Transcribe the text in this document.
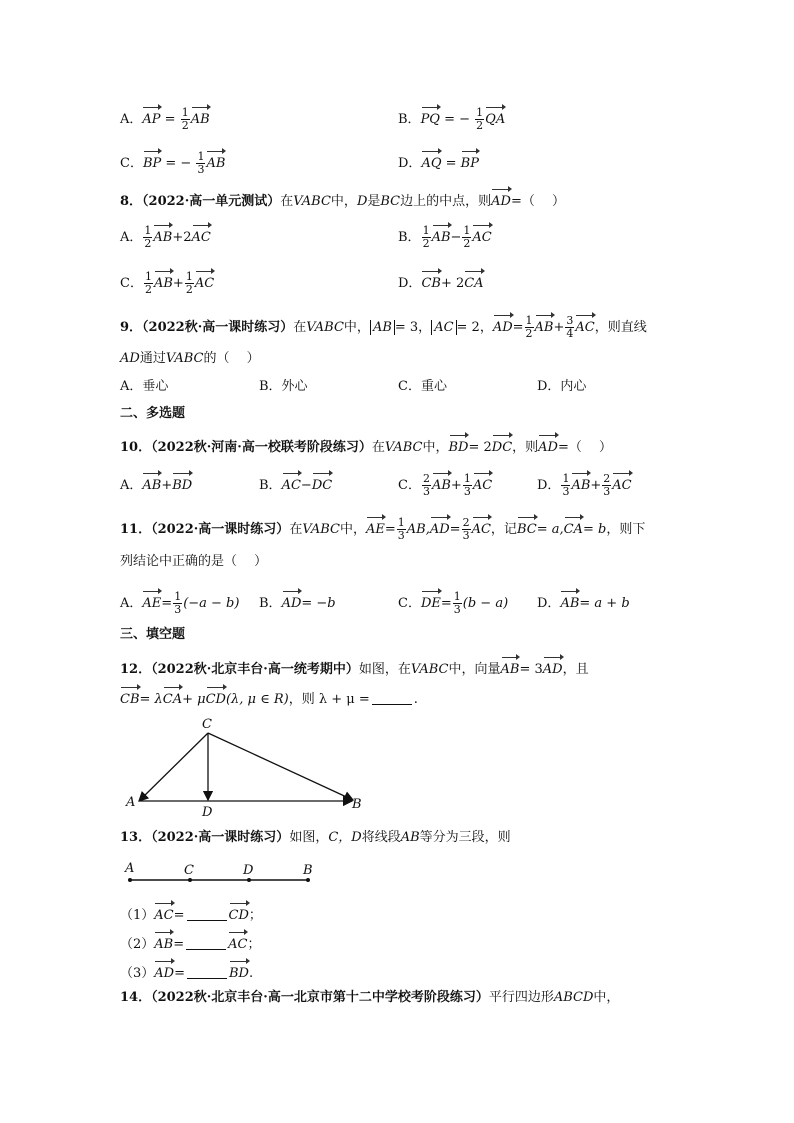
A．AP = $\frac{1}{2}$ AB	B．PQ = − $\frac{1}{2}$ QA
C．BP = − $\frac{1}{3}$ AB	D．AQ = BP
8．（2022·高一单元测试）在VABC中，D是BC边上的中点，则AD=（　 ）
A． $\frac{1}{2} AB+2AC$	B． $\frac{1}{2} AB- \frac{1}{2}$ AC
C． $\frac{1}{2} AB+ \frac{1}{2}$ AC	D．CB+ 2CA
9．（2022秋·高一课时练习）在VABC中， AB = 3， AC = 2，$AD= \frac{1}{2} AB+ \frac{3}{4}$ AC，则直线
AD通过VABC的（　 ）
A．垂心	B．外心	C．重心	D．内心
二、多选题
10．（2022秋·河南·高一校联考阶段练习）在VABC中，BD= 2DC，则AD=（　 ）
A．AB+BD	B．AC−DC	C． $\frac{2}{3} AB+ \frac{1}{3}$ AC	D． $\frac{1}{3} AB+ \frac{2}{3}$ AC
11．（2022·高一课时练习）在VABC中，$AE= \frac{1}{3} AB,AD= \frac{2}{3}$ AC，记BC= a,CA= b，则下
列结论中正确的是（　 ）
A．$AE= \frac{1}{3} (-a - b)$ B．AD= −b	C．$DE= \frac{1}{3} (b - a)$ D．AB= a + b
三、填空题
12．（2022秋·北京丰台·高一统考期中）如图，在VABC中，向量AB= 3AD，且
CB= λCA+ μCD(λ, μ ∈ R)，则 λ + μ =	.
C
A
D
B
13．（2022·高一课时练习）如图，C，D将线段AB等分为三段，则
A	C	D	B
（1）AC=	CD；
（2）AB=	AC；
（3）AD=	BD.
14．（2022秋·北京丰台·高一北京市第十二中学校考阶段练习）平行四边形ABCD中，
